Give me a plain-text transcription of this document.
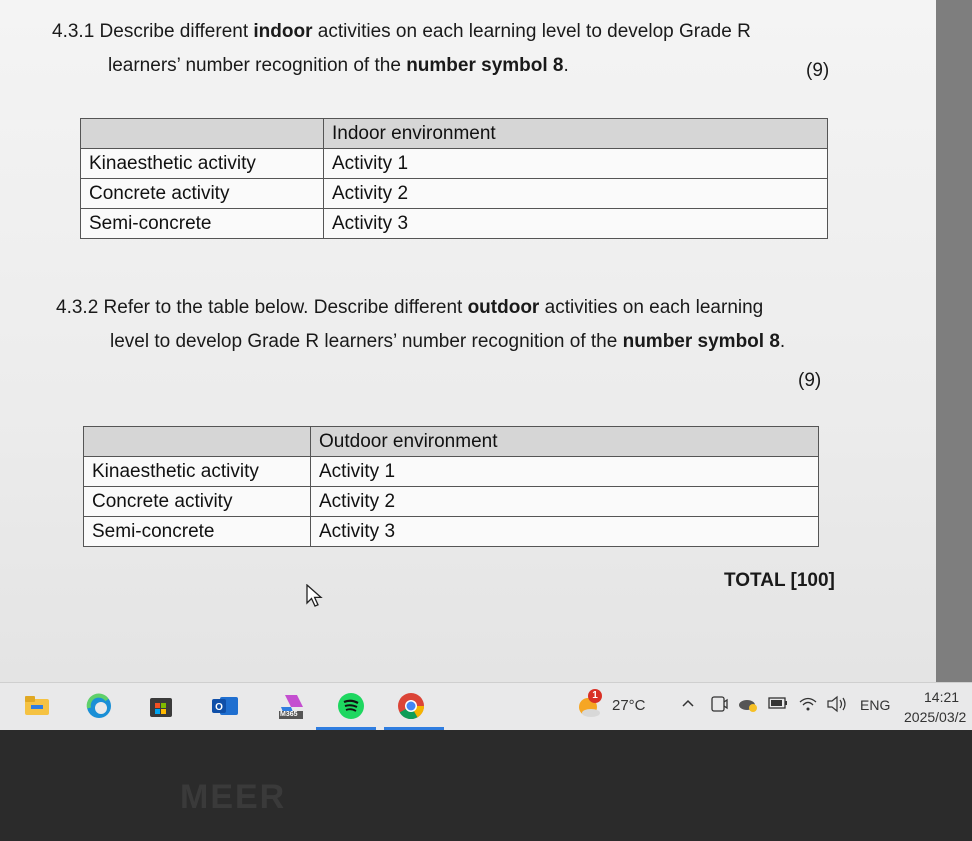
4.3.1 Describe different indoor activities on each learning level to develop Grade R
learners’ number recognition of the number symbol 8.	(9)
	Indoor environment
Kinaesthetic activity	Activity 1
Concrete activity	Activity 2
Semi-concrete	Activity 3
4.3.2 Refer to the table below. Describe different outdoor activities on each learning
level to develop Grade R learners’ number recognition of the number symbol 8.
(9)
	Outdoor environment
Kinaesthetic activity	Activity 1
Concrete activity	Activity 2
Semi-concrete	Activity 3
TOTAL [100]
O
M365
1
27°C	ENG 14:21
2025/03/2
MEER
